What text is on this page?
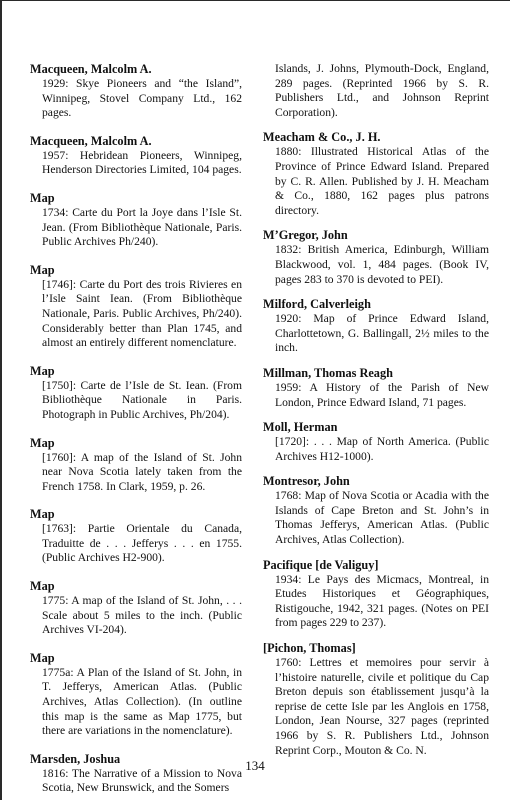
Macqueen, Malcolm A.
1929: Skye Pioneers and “the Island”, Winnipeg, Stovel Company Ltd., 162 pages.
Macqueen, Malcolm A.
1957: Hebridean Pioneers, Winnipeg, Henderson Directories Limited, 104 pages.
Map
1734: Carte du Port la Joye dans l’Isle St. Jean. (From Bibliothèque Nationale, Paris. Public Archives Ph/240).
Map
[1746]: Carte du Port des trois Rivieres en l’Isle Saint Iean. (From Bibliothèque Nationale, Paris. Public Archives, Ph/240). Considerably better than Plan 1745, and almost an entirely different nomenclature.
Map
[1750]: Carte de l’Isle de St. Iean. (From Bibliothèque Nationale in Paris. Photograph in Public Archives, Ph/204).
Map
[1760]: A map of the Island of St. John near Nova Scotia lately taken from the French 1758. In Clark, 1959, p. 26.
Map
[1763]: Partie Orientale du Canada, Traduitte de . . . Jefferys . . . en 1755. (Public Archives H2-900).
Map
1775: A map of the Island of St. John, . . . Scale about 5 miles to the inch. (Public Archives VI-204).
Map
1775a: A Plan of the Island of St. John, in T. Jefferys, American Atlas. (Public Archives, Atlas Collection). (In outline this map is the same as Map 1775, but there are variations in the nomenclature).
Marsden, Joshua
1816: The Narrative of a Mission to Nova Scotia, New Brunswick, and the Somers
Islands, J. Johns, Plymouth-Dock, England, 289 pages. (Reprinted 1966 by S. R. Publishers Ltd., and Johnson Reprint Corporation).
Meacham & Co., J. H.
1880: Illustrated Historical Atlas of the Province of Prince Edward Island. Prepared by C. R. Allen. Published by J. H. Meacham & Co., 1880, 162 pages plus patrons directory.
M’Gregor, John
1832: British America, Edinburgh, William Blackwood, vol. 1, 484 pages. (Book IV, pages 283 to 370 is devoted to PEI).
Milford, Calverleigh
1920: Map of Prince Edward Island, Charlottetown, G. Ballingall, 2½ miles to the inch.
Millman, Thomas Reagh
1959: A History of the Parish of New London, Prince Edward Island, 71 pages.
Moll, Herman
[1720]: . . . Map of North America. (Public Archives H12-1000).
Montresor, John
1768: Map of Nova Scotia or Acadia with the Islands of Cape Breton and St. John’s in Thomas Jefferys, American Atlas. (Public Archives, Atlas Collection).
Pacifique [de Valiguy]
1934: Le Pays des Micmacs, Montreal, in Etudes Historiques et Géographiques, Ristigouche, 1942, 321 pages. (Notes on PEI from pages 229 to 237).
[Pichon, Thomas]
1760: Lettres et memoires pour servir à l’histoire naturelle, civile et politique du Cap Breton depuis son établissement jusqu’à la reprise de cette Isle par les Anglois en 1758, London, Jean Nourse, 327 pages (reprinted 1966 by S. R. Publishers Ltd., Johnson Reprint Corp., Mouton & Co. N.
134
